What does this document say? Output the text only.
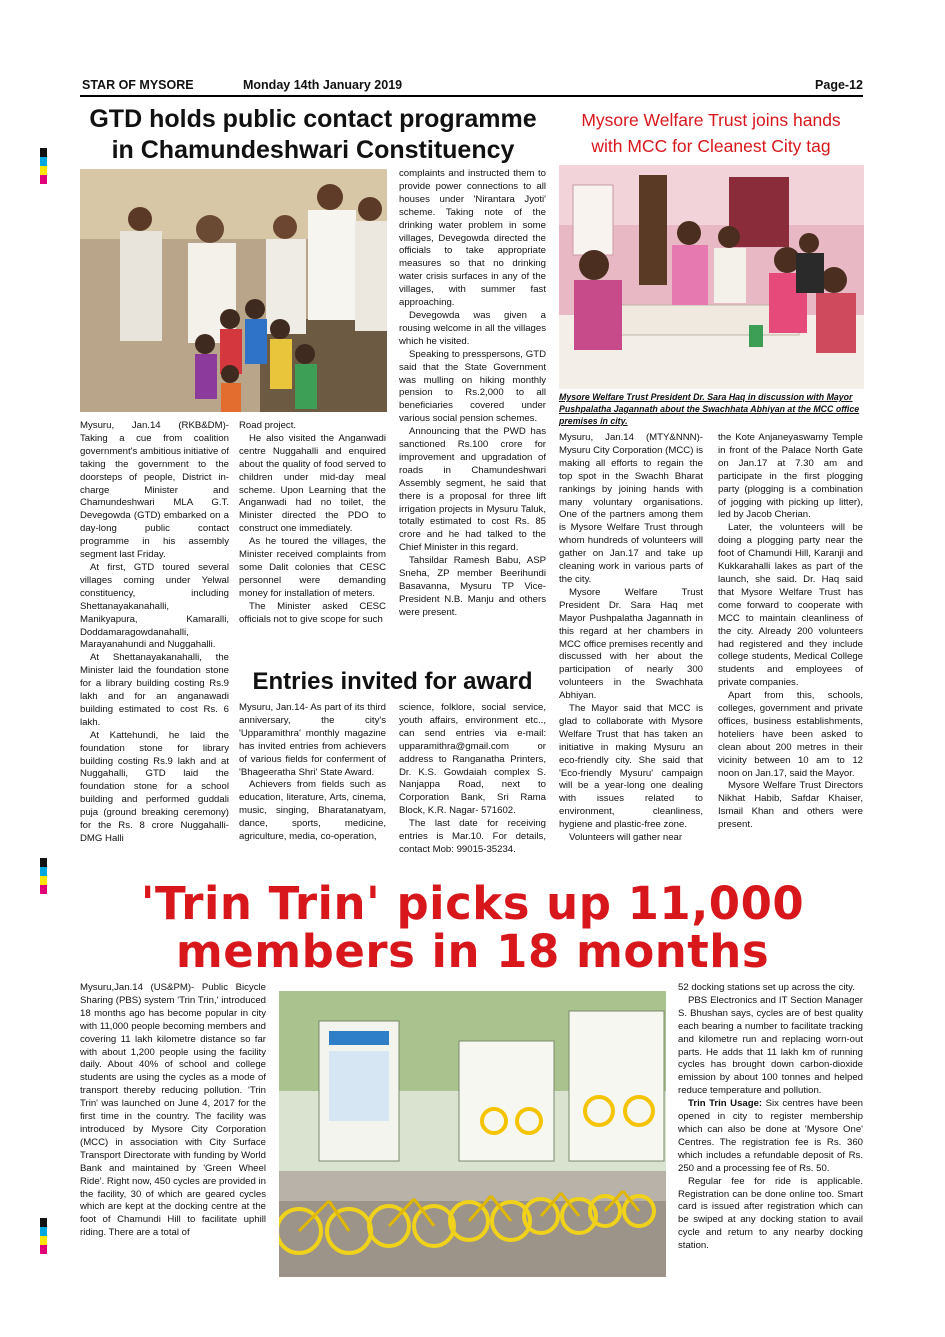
STAR OF MYSORE	Monday 14th January 2019	Page-12
GTD holds public contact programme
in Chamundeshwari Constituency

Mysuru, Jan.14 (RKB&DM)- Taking a cue from coalition government's ambitious initiative of taking the government to the doorsteps of people, District in-charge Minister and Chamundeshwari MLA G.T. Devegowda (GTD) embarked on a day-long public contact programme in his assembly segment last Friday.

At first, GTD toured several villages coming under Yelwal constituency, including Shettanayakanahalli, Manikyapura, Kamaralli, Doddamaragowdanahalli, Marayanahundi and Nuggahalli.

At Shettanayakanahalli, the Minister laid the foundation stone for a library building costing Rs.9 lakh and for an anganawadi building estimated to cost Rs. 6 lakh.

At Kattehundi, he laid the foundation stone for library building costing Rs.9 lakh and at Nuggahalli, GTD laid the foundation stone for a school building and performed guddali puja (ground breaking ceremony) for the Rs. 8 crore Nuggahalli-DMG Halli

Road project.

He also visited the Anganwadi centre Nuggahalli and enquired about the quality of food served to children under mid-day meal scheme. Upon Learning that the Anganwadi had no toilet, the Minister directed the PDO to construct one immediately.

As he toured the villages, the Minister received complaints from some Dalit colonies that CESC personnel were demanding money for installation of meters.

The Minister asked CESC officials not to give scope for such

complaints and instructed them to provide power connections to all houses under 'Nirantara Jyoti' scheme. Taking note of the drinking water problem in some villages, Devegowda directed the officials to take appropriate measures so that no drinking water crisis surfaces in any of the villages, with summer fast approaching.

Devegowda was given a rousing welcome in all the villages which he visited.

Speaking to presspersons, GTD said that the State Government was mulling on hiking monthly pension to Rs.2,000 to all beneficiaries covered under various social pension schemes.

Announcing that the PWD has sanctioned Rs.100 crore for improvement and upgradation of roads in Chamundeshwari Assembly segment, he said that there is a proposal for three lift irrigation projects in Mysuru Taluk, totally estimated to cost Rs. 85 crore and he had talked to the Chief Minister in this regard.

Tahsildar Ramesh Babu, ASP Sneha, ZP member Beerihundi Basavanna, Mysuru TP Vice-President N.B. Manju and others were present.

Entries invited for award

Mysuru, Jan.14- As part of its third anniversary, the city's 'Upparamithra' monthly magazine has invited entries from achievers of various fields for conferment of 'Bhageeratha Shri' State Award.

Achievers from fields such as education, literature, Arts, cinema, music, singing, Bharatanatyam, dance, sports, medicine, agriculture, media, co-operation,

science, folklore, social service, youth affairs, environment etc.., can send entries via e-mail: upparamithra@gmail.com or address to Ranganatha Printers, Dr. K.S. Gowdaiah complex S. Nanjappa Road, next to Corporation Bank, Sri Rama Block, K.R. Nagar- 571602.

The last date for receiving entries is Mar.10. For details, contact Mob: 99015-35234.

Mysore Welfare Trust joins hands
with MCC for Cleanest City tag
Mysore Welfare Trust President Dr. Sara Haq in discussion with Mayor Pushpalatha Jagannath about the Swachhata Abhiyan at the MCC office premises in city.

Mysuru, Jan.14 (MTY&NNN)- Mysuru City Corporation (MCC) is making all efforts to regain the top spot in the Swachh Bharat rankings by joining hands with many voluntary organisations. One of the partners among them is Mysore Welfare Trust through whom hundreds of volunteers will gather on Jan.17 and take up cleaning work in various parts of the city.

Mysore Welfare Trust President Dr. Sara Haq met Mayor Pushpalatha Jagannath in this regard at her chambers in MCC office premises recently and discussed with her about the participation of nearly 300 volunteers in the Swachhata Abhiyan.

The Mayor said that MCC is glad to collaborate with Mysore Welfare Trust that has taken an initiative in making Mysuru an eco-friendly city. She said that 'Eco-friendly Mysuru' campaign will be a year-long one dealing with issues related to environment, cleanliness, hygiene and plastic-free zone.

Volunteers will gather near

the Kote Anjaneyaswamy Temple in front of the Palace North Gate on Jan.17 at 7.30 am and participate in the first plogging party (plogging is a combination of jogging with picking up litter), led by Jacob Cherian.

Later, the volunteers will be doing a plogging party near the foot of Chamundi Hill, Karanji and Kukkarahalli lakes as part of the launch, she said. Dr. Haq said that Mysore Welfare Trust has come forward to cooperate with MCC to maintain cleanliness of the city. Already 200 volunteers had registered and they include college students, Medical College students and employees of private companies.

Apart from this, schools, colleges, government and private offices, business establishments, hoteliers have been asked to clean about 200 metres in their vicinity between 10 am to 12 noon on Jan.17, said the Mayor.

Mysore Welfare Trust Directors Nikhat Habib, Safdar Khaiser, Ismail Khan and others were present.

'Trin Trin' picks up 11,000
members in 18 months

Mysuru,Jan.14 (US&PM)- Public Bicycle Sharing (PBS) system 'Trin Trin,' introduced 18 months ago has become popular in city with 11,000 people becoming members and covering 11 lakh kilometre distance so far with about 1,200 people using the facility daily. About 40% of school and college students are using the cycles as a mode of transport thereby reducing pollution. 'Trin Trin' was launched on June 4, 2017 for the first time in the country. The facility was introduced by Mysore City Corporation (MCC) in association with City Surface Transport Directorate with funding by World Bank and maintained by 'Green Wheel Ride'. Right now, 450 cycles are provided in the facility, 30 of which are geared cycles which are kept at the docking centre at the foot of Chamundi Hill to facilitate uphill riding. There are a total of

52 docking stations set up across the city.

PBS Electronics and IT Section Manager S. Bhushan says, cycles are of best quality each bearing a number to facilitate tracking and kilometre run and replacing worn-out parts. He adds that 11 lakh km of running cycles has brought down carbon-dioxide emission by about 100 tonnes and helped reduce temperature and pollution.

Trin Trin Usage: Six centres have been opened in city to register membership which can also be done at 'Mysore One' Centres. The registration fee is Rs. 360 which includes a refundable deposit of Rs. 250 and a processing fee of Rs. 50.

Regular fee for ride is applicable. Registration can be done online too. Smart card is issued after registration which can be swiped at any docking station to avail cycle and return to any nearby docking station.
